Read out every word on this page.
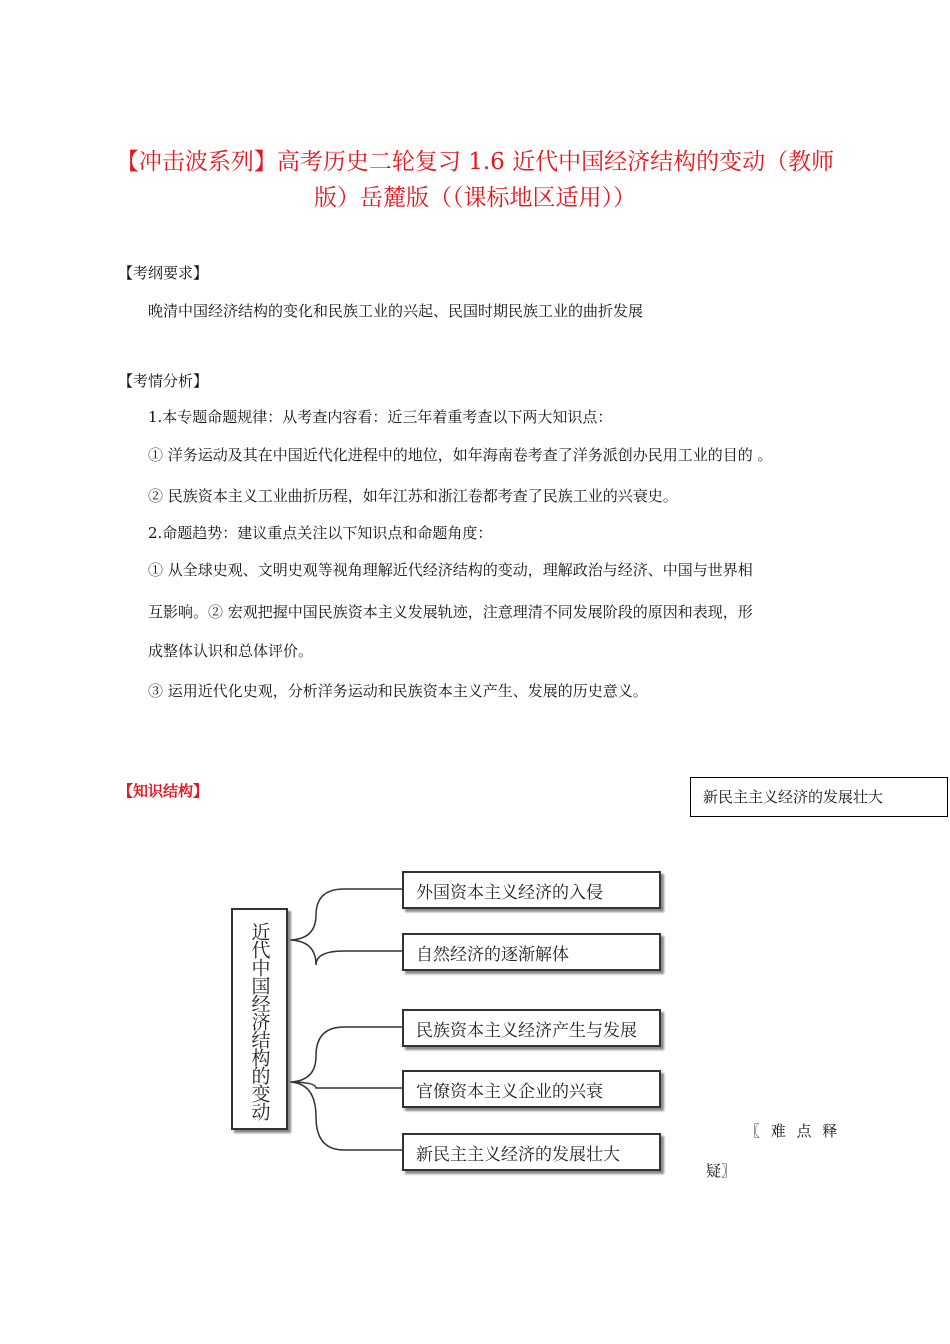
【冲击波系列】高考历史二轮复习 1.6 近代中国经济结构的变动（教师
版）岳麓版（（课标地区适用））
【考纲要求】
晚清中国经济结构的变化和民族工业的兴起、民国时期民族工业的曲折发展
【考情分析】
1.本专题命题规律：从考查内容看：近三年着重考查以下两大知识点：
① 洋务运动及其在中国近代化进程中的地位，如年海南卷考查了洋务派创办民用工业的目的 。
② 民族资本主义工业曲折历程，如年江苏和浙江卷都考查了民族工业的兴衰史。
2.命题趋势：建议重点关注以下知识点和命题角度：
① 从全球史观、文明史观等视角理解近代经济结构的变动，理解政治与经济、中国与世界相
互影响。② 宏观把握中国民族资本主义发展轨迹，注意理清不同发展阶段的原因和表现，形
成整体认识和总体评价。
③ 运用近代化史观，分析洋务运动和民族资本主义产生、发展的历史意义。
【知识结构】	新民主主义经济的发展壮大
近代中国经济结构的变动
外国资本主义经济的入侵
自然经济的逐渐解体
民族资本主义经济产生与发展
官僚资本主义企业的兴衰
新民主主义经济的发展壮大
〖 难 点 释
疑〗
